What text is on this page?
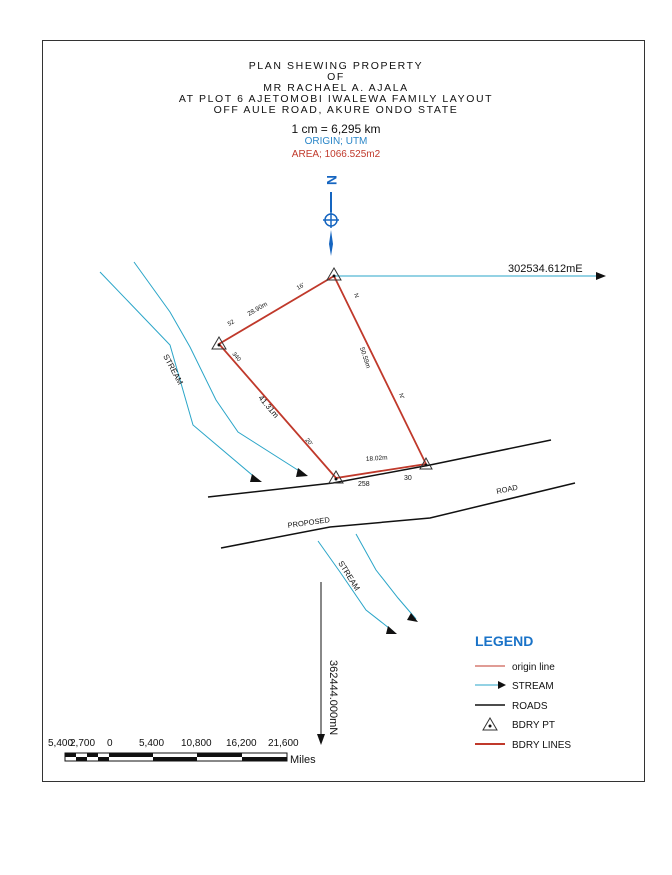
PLAN SHEWING PROPERTY
OF
MR RACHAEL A. AJALA
AT PLOT 6 AJETOMOBI IWALEWA FAMILY LAYOUT
OFF AULE ROAD, AKURE ONDO STATE
1 cm = 6,295 km
ORIGIN; UTM
AREA; 1066.525m2
N
302534.612mE
362444.000mN
STREAM
PROPOSED
ROAD
STREAM
28.90m
50.59m
41.31m
18.02m
52
16'
N
N'
340
20'
258
30
LEGEND
origin line
STREAM
ROADS
BDRY PT
BDRY LINES
5,400
2,700 0	5,400 10,800 16,200 21,600
Miles
